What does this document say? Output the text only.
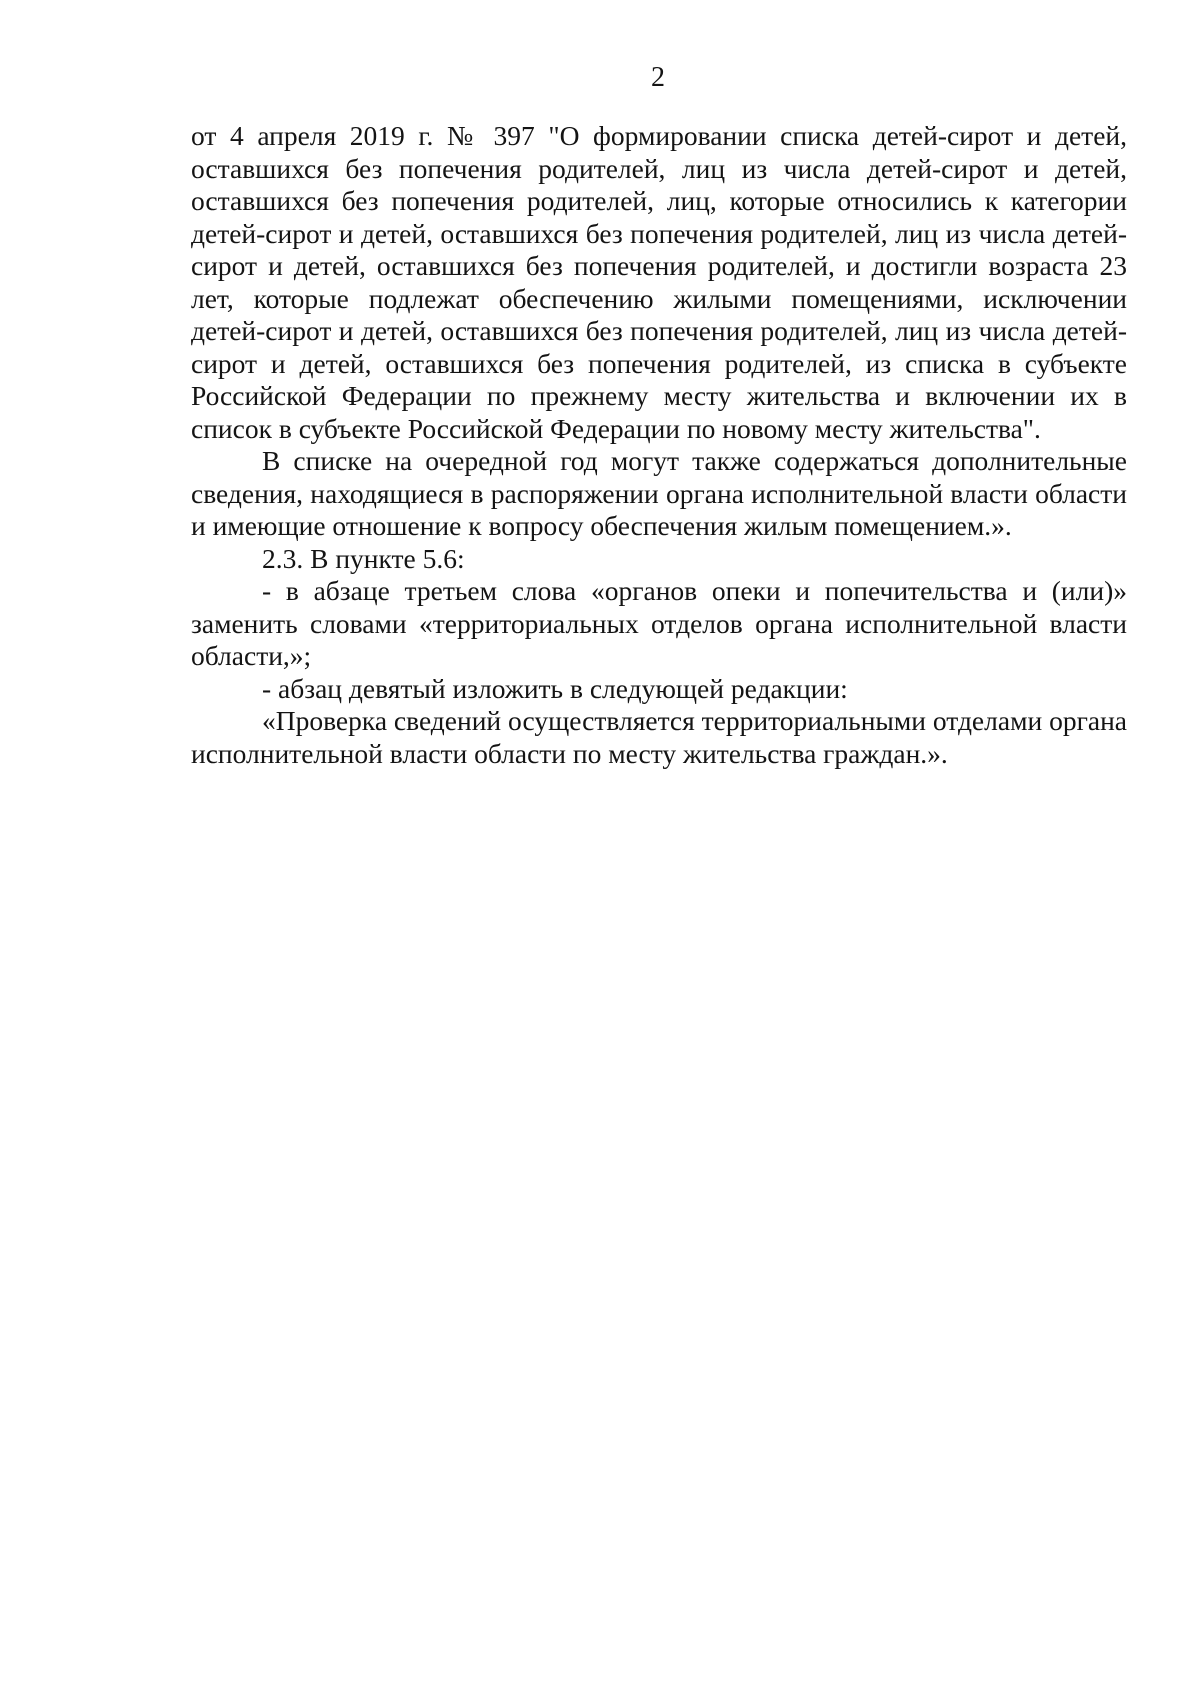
2

от 4 апреля 2019 г. № 397 "О формировании списка детей-сирот и детей, оставшихся без попечения родителей, лиц из числа детей-сирот и детей, оставшихся без попечения родителей, лиц, которые относились к категории детей-сирот и детей, оставшихся без попечения родителей, лиц из числа детей-сирот и детей, оставшихся без попечения родителей, и достигли возраста 23 лет, которые подлежат обеспечению жилыми помещениями, исключении детей-сирот и детей, оставшихся без попечения родителей, лиц из числа детей-сирот и детей, оставшихся без попечения родителей, из списка в субъекте Российской Федерации по прежнему месту жительства и включении их в список в субъекте Российской Федерации по новому месту жительства".

В списке на очередной год могут также содержаться дополнительные сведения, находящиеся в распоряжении органа исполнительной власти области и имеющие отношение к вопросу обеспечения жилым помещением.».

2.3. В пункте 5.6:

- в абзаце третьем слова «органов опеки и попечительства и (или)» заменить словами «территориальных отделов органа исполнительной власти области,»;

- абзац девятый изложить в следующей редакции:

«Проверка сведений осуществляется территориальными отделами органа исполнительной власти области по месту жительства граждан.».
